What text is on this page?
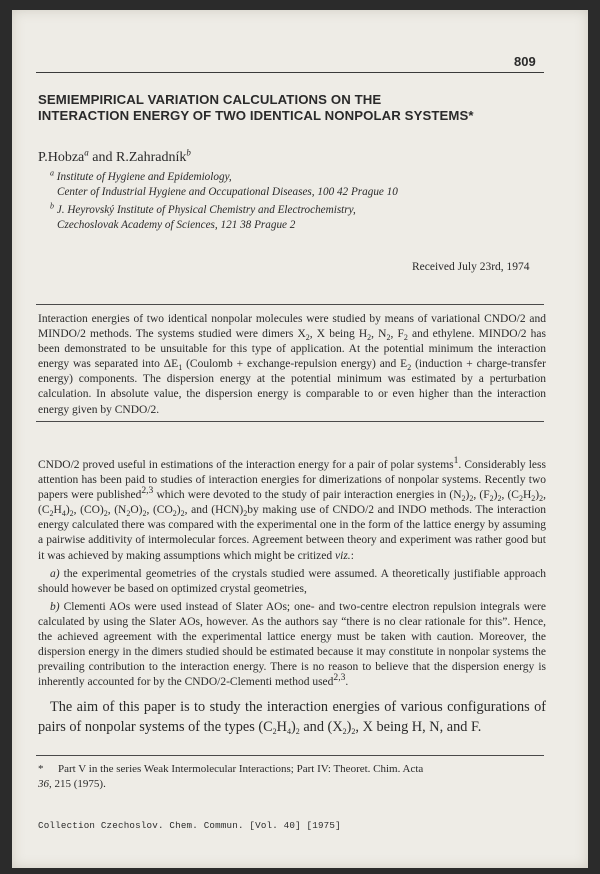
809
SEMIEMPIRICAL VARIATION CALCULATIONS ON THE
INTERACTION ENERGY OF TWO IDENTICAL NONPOLAR SYSTEMS*
P.Hobza$^a$ and R.Zahradník$^b$
$^a$ Institute of Hygiene and Epidemiology,
Center of Industrial Hygiene and Occupational Diseases, 100 42 Prague 10
$^b$ J. Heyrovský Institute of Physical Chemistry and Electrochemistry,
Czechoslovak Academy of Sciences, 121 38 Prague 2
Received July 23rd, 1974
Interaction energies of two identical nonpolar molecules were studied by means of variational CNDO/2 and MINDO/2 methods. The systems studied were dimers $X_2$, X being $H_2$, $N_2$, $F_2$ and ethylene. MINDO/2 has been demonstrated to be unsuitable for this type of application. At the potential minimum the interaction energy was separated into $\Delta E_1$ (Coulomb + exchange-repulsion energy) and $E_2$ (induction + charge-transfer energy) components. The dispersion energy at the potential minimum was estimated by a perturbation calculation. In absolute value, the dispersion energy is comparable to or even higher than the interaction energy given by CNDO/2.

CNDO/2 proved useful in estimations of the interaction energy for a pair of polar systems$^1$. Considerably less attention has been paid to studies of interaction energies for dimerizations of nonpolar systems. Recently two papers were published$^{2,3}$ which were devoted to the study of pair interaction energies in $(N_2)_2$, $(F_2)_2$, $(C_2H_2)_2$, $(C_2H_4)_2$, $(CO)_2$, $(N_2O)_2$, $(CO_2)_2$, and $(HCN)_2by$ making use of CNDO/2 and INDO methods. The interaction energy calculated there was compared with the experimental one in the form of the lattice energy by assuming a pairwise additivity of intermolecular forces. Agreement between theory and experiment was rather good but it was achieved by making assumptions which might be critized viz.:

a) the experimental geometries of the crystals studied were assumed. A theoretically justifiable approach should however be based on optimized crystal geometries,

b) Clementi AOs were used instead of Slater AOs; one- and two-centre electron repulsion integrals were calculated by using the Slater AOs, however. As the authors say “there is no clear rationale for this”. Hence, the achieved agreement with the experimental lattice energy must be taken with caution. Moreover, the dispersion energy in the dimers studied should be estimated because it may constitute in nonpolar systems the prevailing contribution to the interaction energy. There is no reason to believe that the dispersion energy is inherently accounted for by the CNDO/2-Clementi method used$^{2,3}$.

The aim of this paper is to study the interaction energies of various configurations of pairs of nonpolar systems of the types $(C_2H_4)_2$ and $(X_2)_2$, X being H, N, and F.

* Part V in the series Weak Intermolecular Interactions; Part IV: Theoret. Chim. Acta
36, 215 (1975).
Collection Czechoslov. Chem. Commun. [Vol. 40] [1975]
